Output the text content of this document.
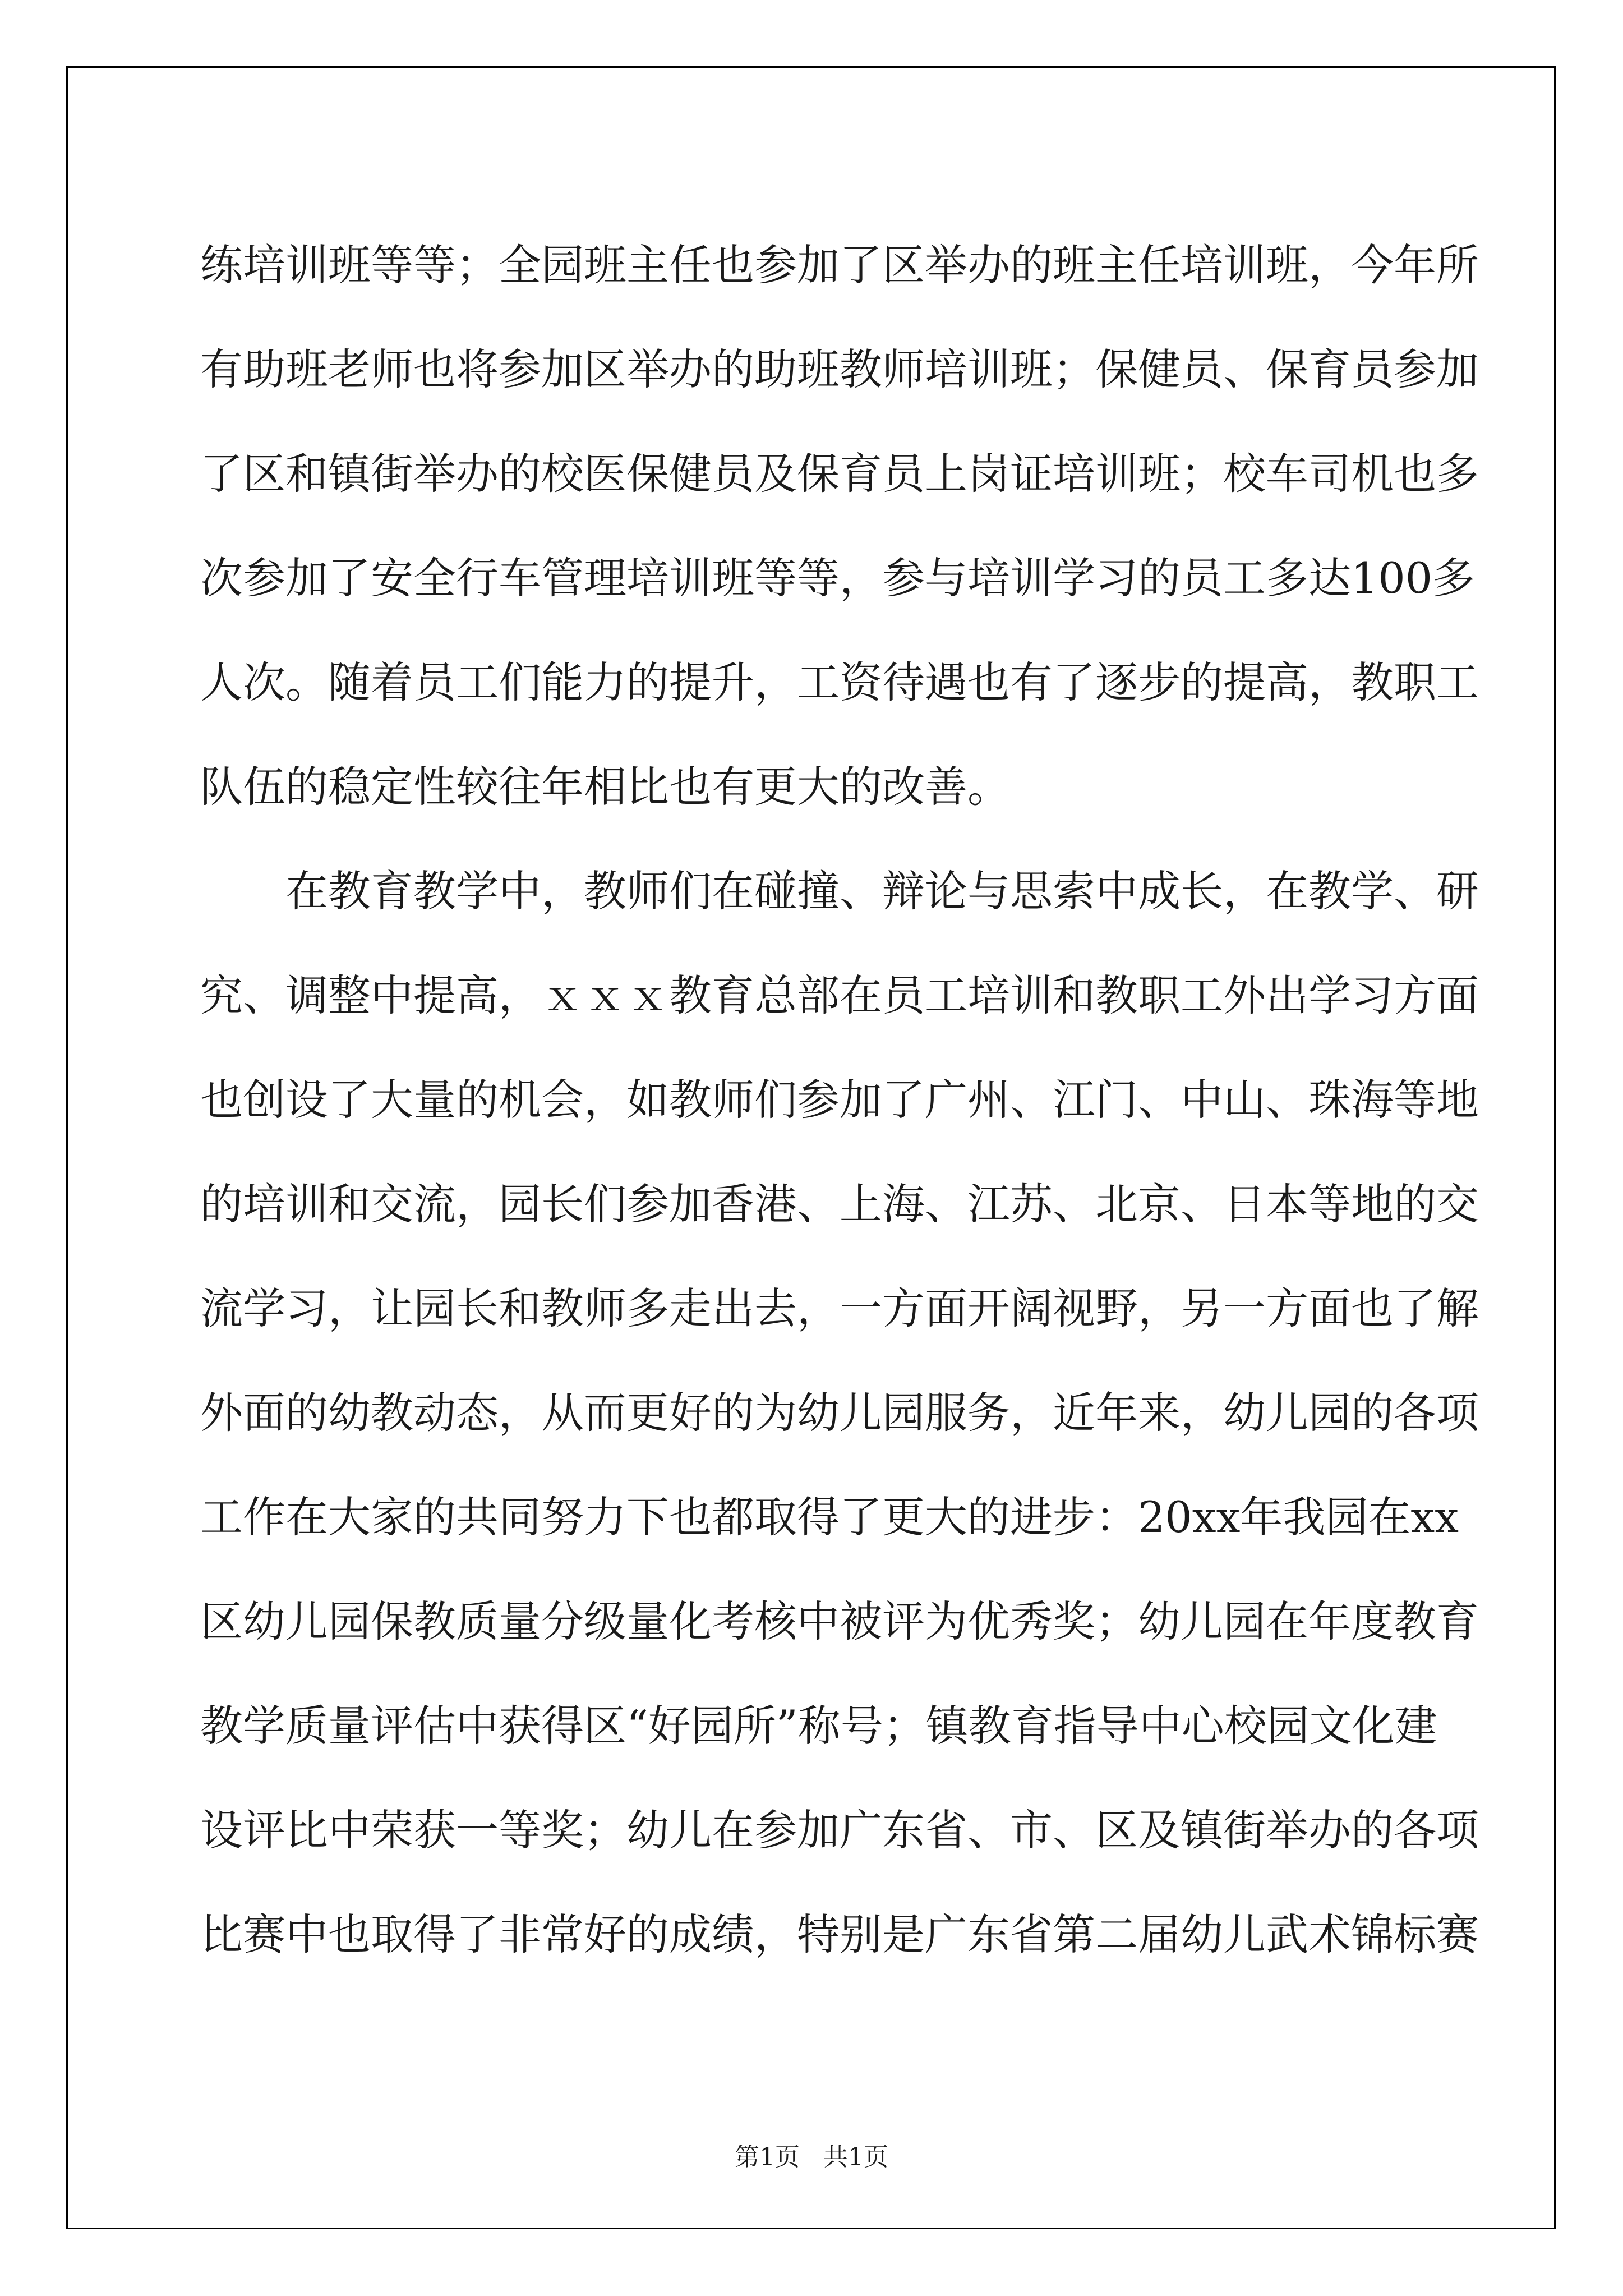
练培训班等等；全园班主任也参加了区举办的班主任培训班，今年所
有助班老师也将参加区举办的助班教师培训班；保健员、保育员参加
了区和镇街举办的校医保健员及保育员上岗证培训班；校车司机也多
次参加了安全行车管理培训班等等，参与培训学习的员工多达100多
人次。随着员工们能力的提升，工资待遇也有了逐步的提高，教职工
队伍的稳定性较往年相比也有更大的改善。
在教育教学中，教师们在碰撞、辩论与思索中成长，在教学、研
究、调整中提高，ｘｘｘ教育总部在员工培训和教职工外出学习方面
也创设了大量的机会，如教师们参加了广州、江门、中山、珠海等地
的培训和交流，园长们参加香港、上海、江苏、北京、日本等地的交
流学习，让园长和教师多走出去，一方面开阔视野，另一方面也了解
外面的幼教动态，从而更好的为幼儿园服务，近年来，幼儿园的各项
工作在大家的共同努力下也都取得了更大的进步：20xx年我园在xx
区幼儿园保教质量分级量化考核中被评为优秀奖；幼儿园在年度教育
教学质量评估中获得区“好园所”称号；镇教育指导中心校园文化建
设评比中荣获一等奖；幼儿在参加广东省、市、区及镇街举办的各项
比赛中也取得了非常好的成绩，特别是广东省第二届幼儿武术锦标赛
第1页 共1页
